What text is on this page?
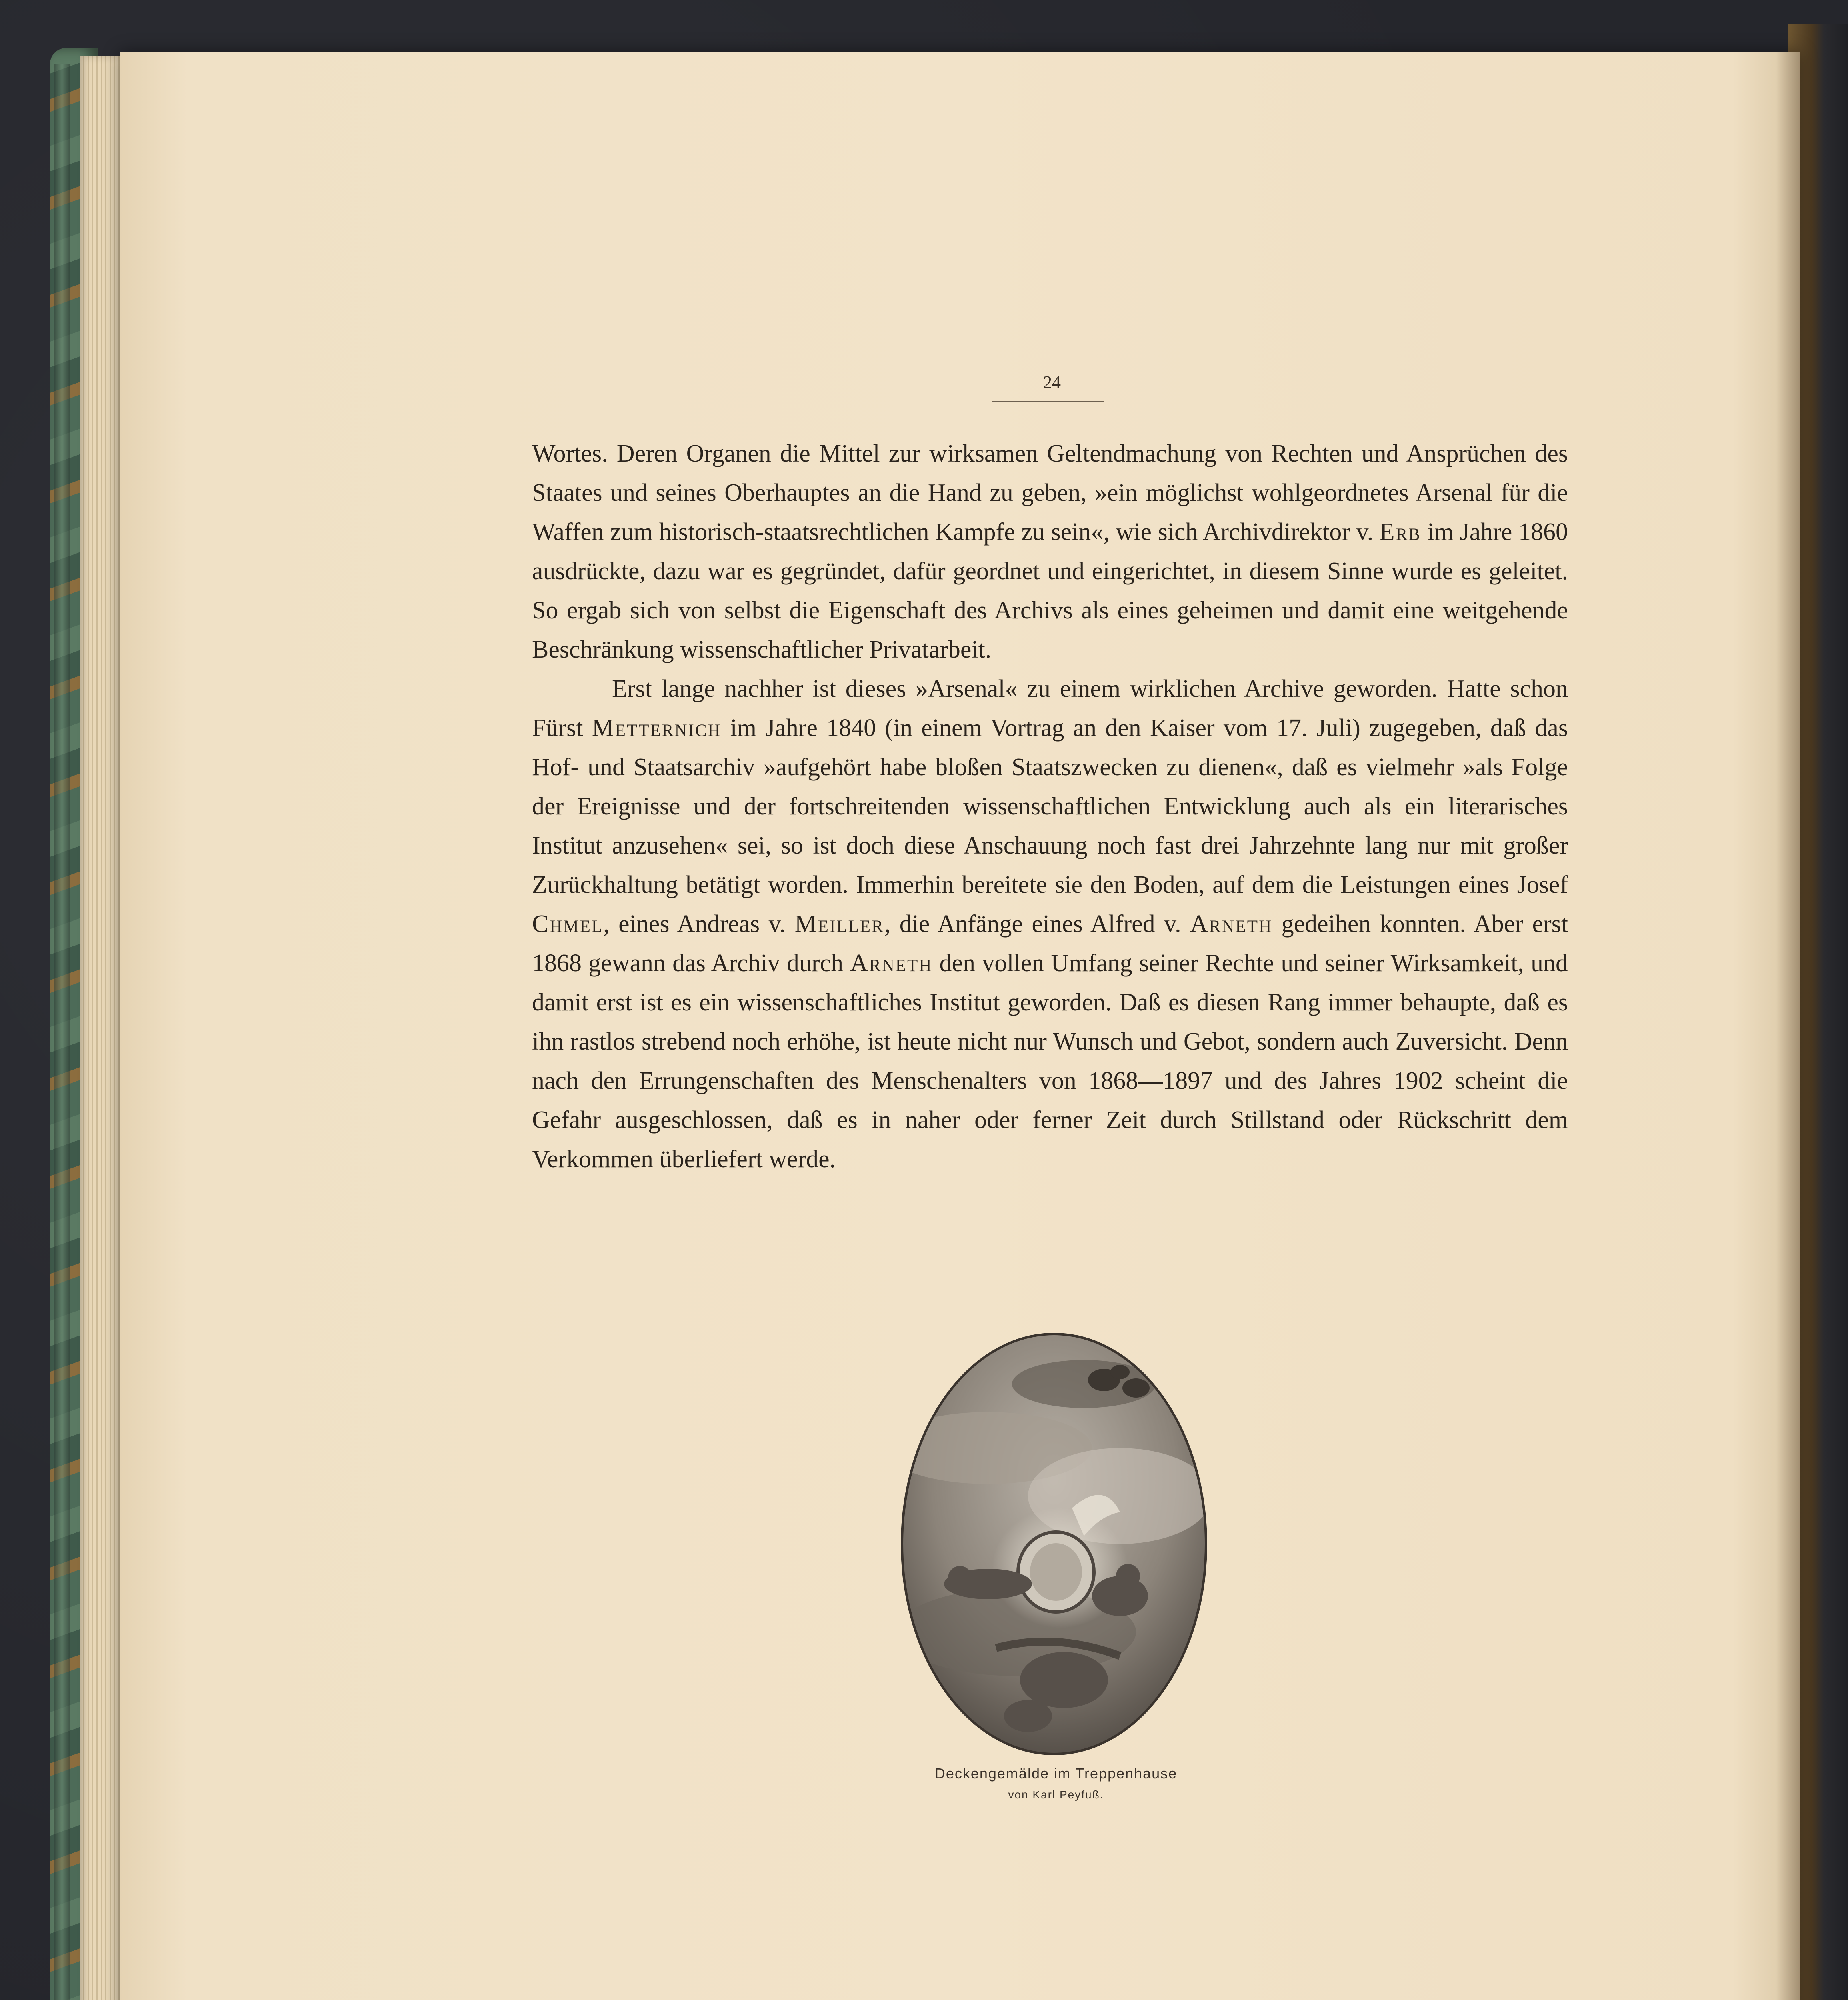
24

Wortes. Deren Organen die Mittel zur wirksamen Geltendmachung von Rechten und Ansprüchen des Staates und seines Oberhauptes an die Hand zu geben, »ein möglichst wohlgeordnetes Arsenal für die Waffen zum historisch-staatsrechtlichen Kampfe zu sein«, wie sich Archivdirektor v. Erb im Jahre 1860 ausdrückte, dazu war es gegründet, dafür geordnet und eingerichtet, in diesem Sinne wurde es geleitet. So ergab sich von selbst die Eigenschaft des Archivs als eines geheimen und damit eine weitgehende Beschränkung wissenschaftlicher Privatarbeit.

Erst lange nachher ist dieses »Arsenal« zu einem wirklichen Archive geworden. Hatte schon Fürst Metternich im Jahre 1840 (in einem Vortrag an den Kaiser vom 17. Juli) zugegeben, daß das Hof- und Staatsarchiv »aufgehört habe bloßen Staatszwecken zu dienen«, daß es vielmehr »als Folge der Ereignisse und der fortschreitenden wissenschaftlichen Entwicklung auch als ein literarisches Institut anzusehen« sei, so ist doch diese Anschauung noch fast drei Jahrzehnte lang nur mit großer Zurückhaltung betätigt worden. Immerhin bereitete sie den Boden, auf dem die Leistungen eines Josef Chmel, eines Andreas v. Meiller, die Anfänge eines Alfred v. Arneth gedeihen konnten. Aber erst 1868 gewann das Archiv durch Arneth den vollen Umfang seiner Rechte und seiner Wirksamkeit, und damit erst ist es ein wissenschaftliches Institut geworden. Daß es diesen Rang immer behaupte, daß es ihn rastlos strebend noch erhöhe, ist heute nicht nur Wunsch und Gebot, sondern auch Zuversicht. Denn nach den Errungenschaften des Menschenalters von 1868—1897 und des Jahres 1902 scheint die Gefahr ausgeschlossen, daß es in naher oder ferner Zeit durch Stillstand oder Rückschritt dem Verkommen überliefert werde.

Deckengemälde im Treppenhause
von Karl Peyfuß.
